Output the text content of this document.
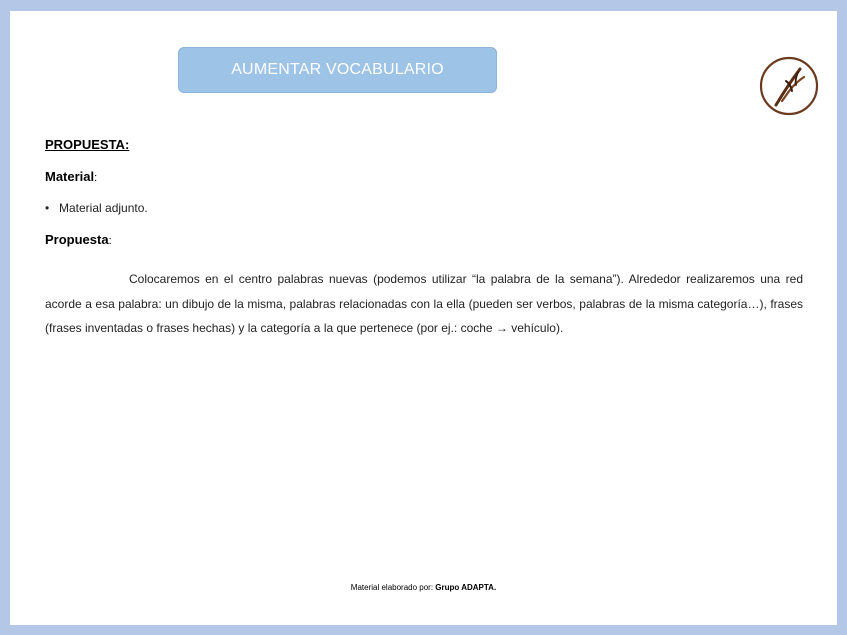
AUMENTAR VOCABULARIO
PROPUESTA:
Material:
• Material adjunto.
Propuesta:
Colocaremos en el centro palabras nuevas (podemos utilizar “la palabra de la semana”). Alrededor realizaremos una red acorde a esa palabra: un dibujo de la misma, palabras relacionadas con la ella (pueden ser verbos, palabras de la misma categoría…), frases (frases inventadas o frases hechas) y la categoría a la que pertenece (por ej.: coche → vehículo).
Material elaborado por: Grupo ADAPTA.
